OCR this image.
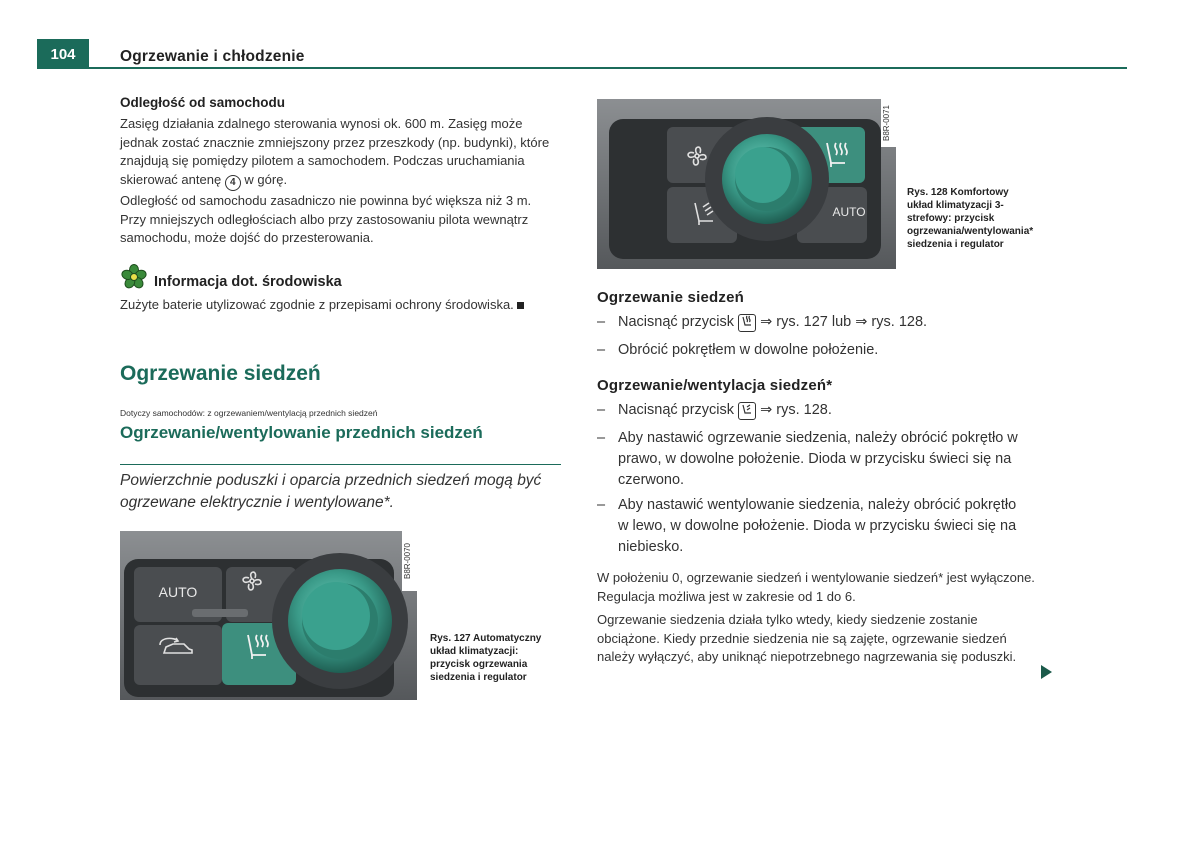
104	Ogrzewanie i chłodzenie
Odległość od samochodu
Zasięg działania zdalnego sterowania wynosi ok. 600 m. Zasięg może jednak zostać znacznie zmniejszony przez przeszkody (np. budynki), które znajdują się pomiędzy pilotem a samochodem. Podczas uruchamiania skierować antenę 4 w górę.
Odległość od samochodu zasadniczo nie powinna być większa niż 3 m. Przy mniejszych odległościach albo przy zastosowaniu pilota wewnątrz samochodu, może dojść do przesterowania.
Informacja dot. środowiska
Zużyte baterie utylizować zgodnie z przepisami ochrony środowiska.
Ogrzewanie siedzeń
Dotyczy samochodów: z ogrzewaniem/wentylacją przednich siedzeń
Ogrzewanie/wentylowanie przednich siedzeń
Powierzchnie poduszki i oparcia przednich siedzeń mogą być ogrzewane elektrycznie i wentylowane*.
B8R-0070
AUTO
Rys. 127 Automatyczny układ klimatyzacji: przycisk ogrzewania siedzenia i regulator
B8R-0071
AUTO
Rys. 128 Komfortowy układ klimatyzacji 3-strefowy: przycisk ogrzewania/wentylowania* siedzenia i regulator
Ogrzewanie siedzeń
– Nacisnąć przycisk ⇒ rys. 127 lub ⇒ rys. 128.
– Obrócić pokrętłem w dowolne położenie.
Ogrzewanie/wentylacja siedzeń*
– Nacisnąć przycisk ⇒ rys. 128.
– Aby nastawić ogrzewanie siedzenia, należy obrócić pokrętło w prawo, w dowolne położenie. Dioda w przycisku świeci się na czerwono.
– Aby nastawić wentylowanie siedzenia, należy obrócić pokrętło w lewo, w dowolne położenie. Dioda w przycisku świeci się na niebiesko.
W położeniu 0, ogrzewanie siedzeń i wentylowanie siedzeń* jest wyłączone. Regulacja możliwa jest w zakresie od 1 do 6.
Ogrzewanie siedzenia działa tylko wtedy, kiedy siedzenie zostanie obciążone. Kiedy przednie siedzenia nie są zajęte, ogrzewanie siedzeń należy wyłączyć, aby uniknąć niepotrzebnego nagrzewania się poduszki.
